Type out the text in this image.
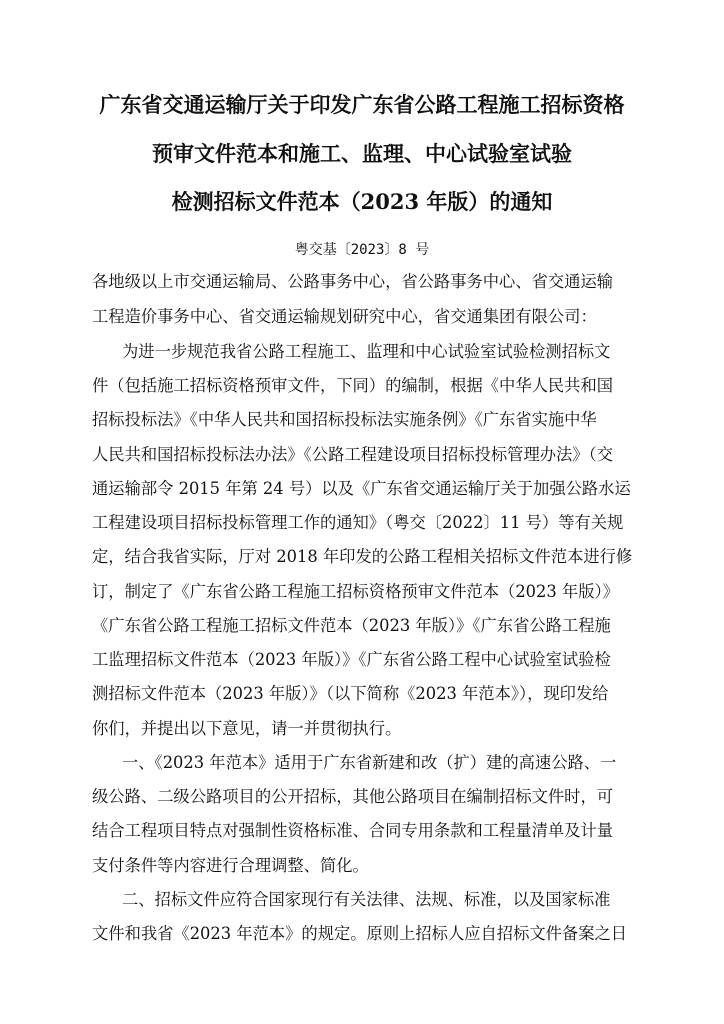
广东省交通运输厅关于印发广东省公路工程施工招标资格
预审文件范本和施工、监理、中心试验室试验
检测招标文件范本（2023 年版）的通知
粤交基〔2023〕8 号
各地级以上市交通运输局、公路事务中心，省公路事务中心、省交通运输
工程造价事务中心、省交通运输规划研究中心，省交通集团有限公司：
为进一步规范我省公路工程施工、监理和中心试验室试验检测招标文
件（包括施工招标资格预审文件，下同）的编制，根据《中华人民共和国
招标投标法》《中华人民共和国招标投标法实施条例》《广东省实施中华
人民共和国招标投标法办法》《公路工程建设项目招标投标管理办法》（交
通运输部令 2015 年第 24 号）以及《广东省交通运输厅关于加强公路水运
工程建设项目招标投标管理工作的通知》（粤交〔2022〕11 号）等有关规
定，结合我省实际，厅对 2018 年印发的公路工程相关招标文件范本进行修
订，制定了《广东省公路工程施工招标资格预审文件范本（2023 年版）》
《广东省公路工程施工招标文件范本（2023 年版）》《广东省公路工程施
工监理招标文件范本（2023 年版）》《广东省公路工程中心试验室试验检
测招标文件范本（2023 年版）》（以下简称《2023 年范本》），现印发给
你们，并提出以下意见，请一并贯彻执行。
一、《2023 年范本》适用于广东省新建和改（扩）建的高速公路、一
级公路、二级公路项目的公开招标，其他公路项目在编制招标文件时，可
结合工程项目特点对强制性资格标准、合同专用条款和工程量清单及计量
支付条件等内容进行合理调整、简化。
二、招标文件应符合国家现行有关法律、法规、标准，以及国家标准
文件和我省《2023 年范本》的规定。原则上招标人应自招标文件备案之日
